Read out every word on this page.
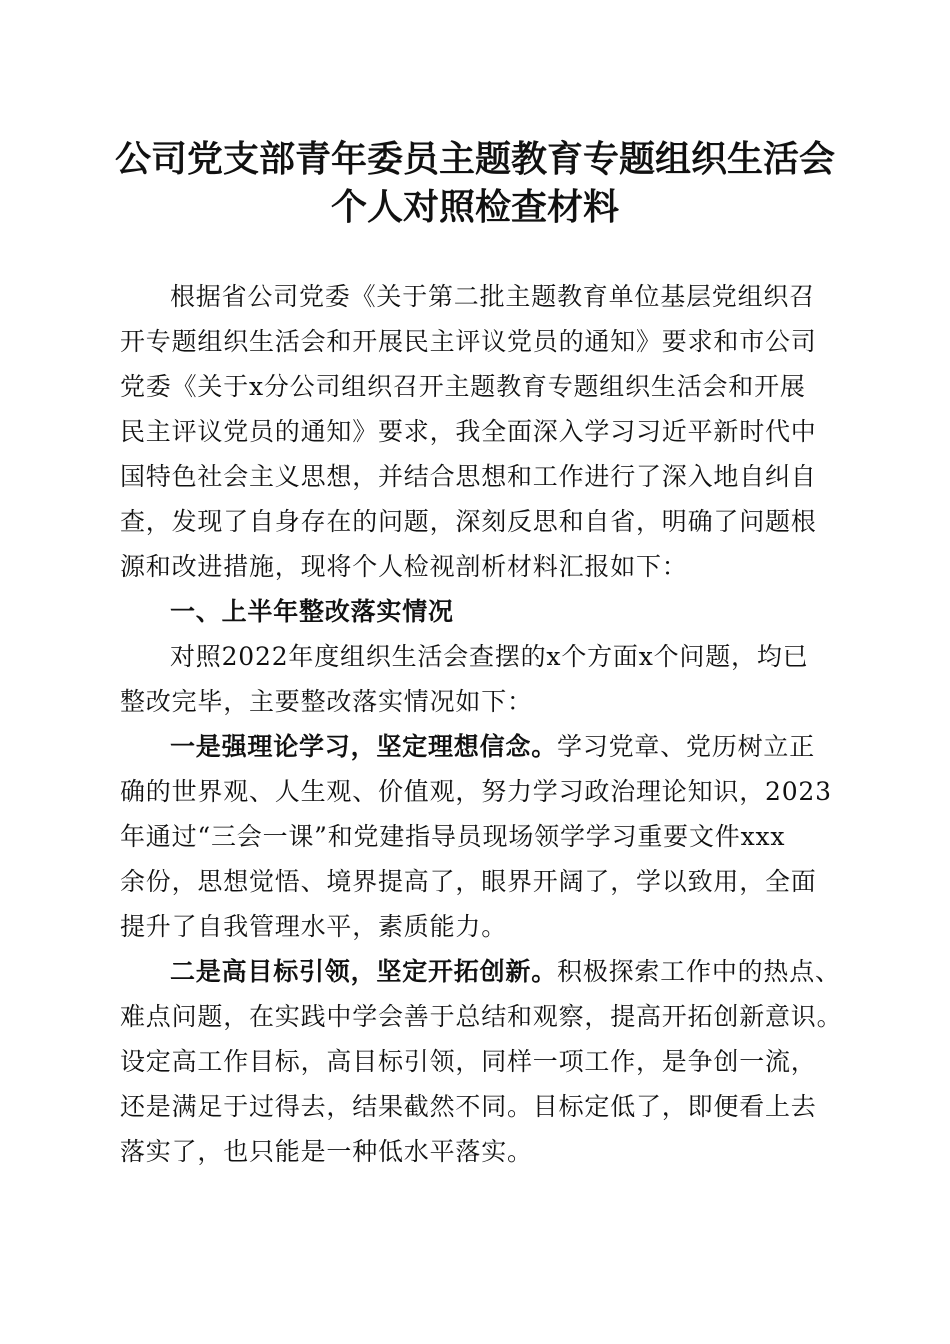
公司党支部青年委员主题教育专题组织生活会
个人对照检查材料
根据省公司党委《关于第二批主题教育单位基层党组织召
开专题组织生活会和开展民主评议党员的通知》要求和市公司
党委《关于x分公司组织召开主题教育专题组织生活会和开展
民主评议党员的通知》要求，我全面深入学习习近平新时代中
国特色社会主义思想，并结合思想和工作进行了深入地自纠自
查，发现了自身存在的问题，深刻反思和自省，明确了问题根
源和改进措施，现将个人检视剖析材料汇报如下：
一、上半年整改落实情况
对照2022年度组织生活会查摆的x个方面x个问题，均已
整改完毕，主要整改落实情况如下：
一是强理论学习，坚定理想信念。学习党章、党历树立正
确的世界观、人生观、价值观，努力学习政治理论知识，2023
年通过“三会一课”和党建指导员现场领学学习重要文件xxx
余份，思想觉悟、境界提高了，眼界开阔了，学以致用，全面
提升了自我管理水平，素质能力。
二是高目标引领，坚定开拓创新。积极探索工作中的热点、
难点问题，在实践中学会善于总结和观察，提高开拓创新意识。
设定高工作目标，高目标引领，同样一项工作，是争创一流，
还是满足于过得去，结果截然不同。目标定低了，即便看上去
落实了，也只能是一种低水平落实。
